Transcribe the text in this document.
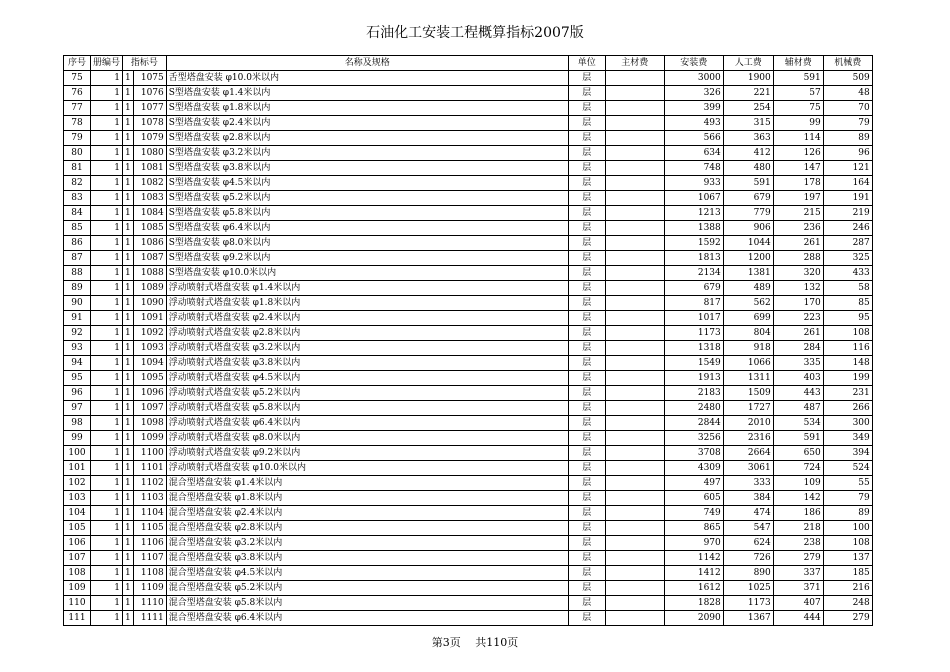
石油化工安装工程概算指标2007版
序号	册编号	指标号		名称及规格	单位	主材费	安装费	人工费	辅材费	机械费
75	1	1	1075	舌型塔盘安装 φ10.0米以内	层		3000	1900	591	509
76	1	1	1076	S型塔盘安装 φ1.4米以内	层		326	221	57	48
77	1	1	1077	S型塔盘安装 φ1.8米以内	层		399	254	75	70
78	1	1	1078	S型塔盘安装 φ2.4米以内	层		493	315	99	79
79	1	1	1079	S型塔盘安装 φ2.8米以内	层		566	363	114	89
80	1	1	1080	S型塔盘安装 φ3.2米以内	层		634	412	126	96
81	1	1	1081	S型塔盘安装 φ3.8米以内	层		748	480	147	121
82	1	1	1082	S型塔盘安装 φ4.5米以内	层		933	591	178	164
83	1	1	1083	S型塔盘安装 φ5.2米以内	层		1067	679	197	191
84	1	1	1084	S型塔盘安装 φ5.8米以内	层		1213	779	215	219
85	1	1	1085	S型塔盘安装 φ6.4米以内	层		1388	906	236	246
86	1	1	1086	S型塔盘安装 φ8.0米以内	层		1592	1044	261	287
87	1	1	1087	S型塔盘安装 φ9.2米以内	层		1813	1200	288	325
88	1	1	1088	S型塔盘安装 φ10.0米以内	层		2134	1381	320	433
89	1	1	1089	浮动喷射式塔盘安装 φ1.4米以内	层		679	489	132	58
90	1	1	1090	浮动喷射式塔盘安装 φ1.8米以内	层		817	562	170	85
91	1	1	1091	浮动喷射式塔盘安装 φ2.4米以内	层		1017	699	223	95
92	1	1	1092	浮动喷射式塔盘安装 φ2.8米以内	层		1173	804	261	108
93	1	1	1093	浮动喷射式塔盘安装 φ3.2米以内	层		1318	918	284	116
94	1	1	1094	浮动喷射式塔盘安装 φ3.8米以内	层		1549	1066	335	148
95	1	1	1095	浮动喷射式塔盘安装 φ4.5米以内	层		1913	1311	403	199
96	1	1	1096	浮动喷射式塔盘安装 φ5.2米以内	层		2183	1509	443	231
97	1	1	1097	浮动喷射式塔盘安装 φ5.8米以内	层		2480	1727	487	266
98	1	1	1098	浮动喷射式塔盘安装 φ6.4米以内	层		2844	2010	534	300
99	1	1	1099	浮动喷射式塔盘安装 φ8.0米以内	层		3256	2316	591	349
100	1	1	1100	浮动喷射式塔盘安装 φ9.2米以内	层		3708	2664	650	394
101	1	1	1101	浮动喷射式塔盘安装 φ10.0米以内	层		4309	3061	724	524
102	1	1	1102	混合型塔盘安装 φ1.4米以内	层		497	333	109	55
103	1	1	1103	混合型塔盘安装 φ1.8米以内	层		605	384	142	79
104	1	1	1104	混合型塔盘安装 φ2.4米以内	层		749	474	186	89
105	1	1	1105	混合型塔盘安装 φ2.8米以内	层		865	547	218	100
106	1	1	1106	混合型塔盘安装 φ3.2米以内	层		970	624	238	108
107	1	1	1107	混合型塔盘安装 φ3.8米以内	层		1142	726	279	137
108	1	1	1108	混合型塔盘安装 φ4.5米以内	层		1412	890	337	185
109	1	1	1109	混合型塔盘安装 φ5.2米以内	层		1612	1025	371	216
110	1	1	1110	混合型塔盘安装 φ5.8米以内	层		1828	1173	407	248
111	1	1	1111	混合型塔盘安装 φ6.4米以内	层		2090	1367	444	279
第3页　 共110页
